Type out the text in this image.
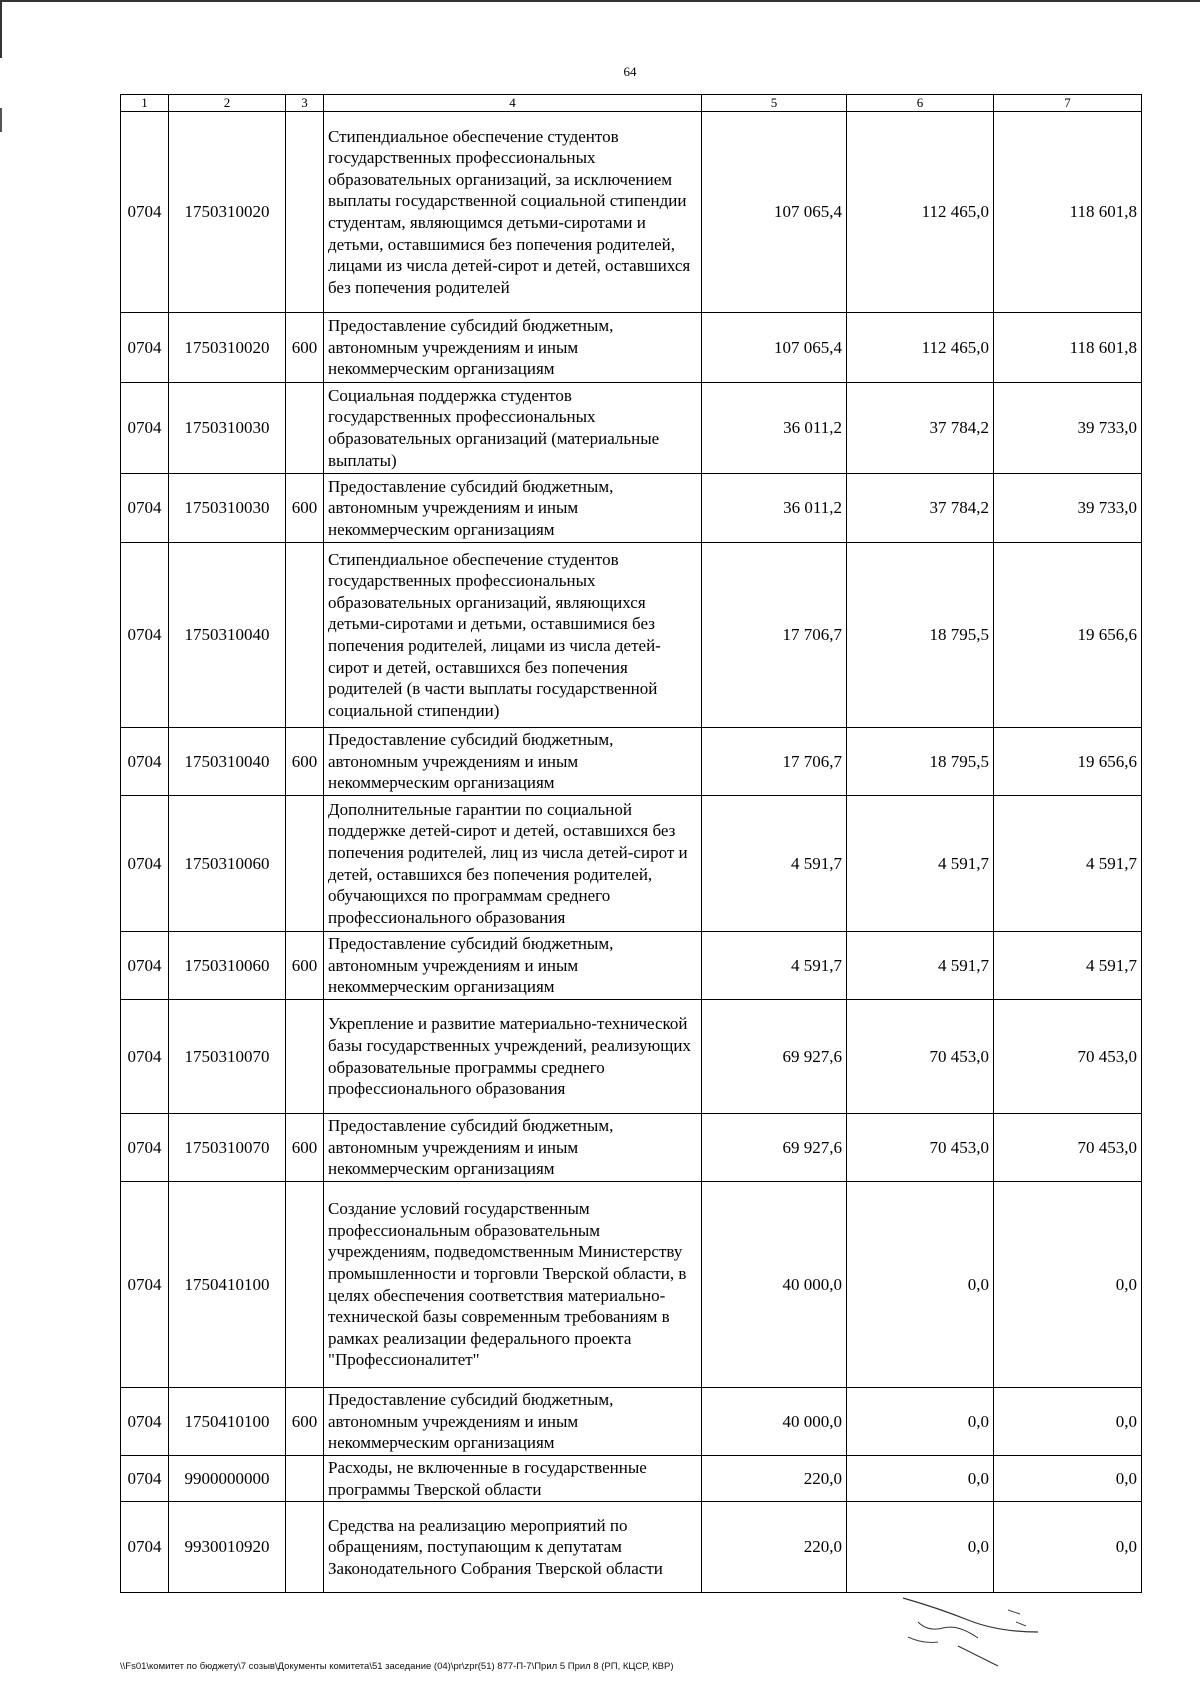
64
1	2	3	4	5	6	7
0704	1750310020		Стипендиальное обеспечение студентов государственных профессиональных образовательных организаций, за исключением выплаты государственной социальной стипендии студентам, являющимся детьми-сиротами и детьми, оставшимися без попечения родителей, лицами из числа детей-сирот и детей, оставшихся без попечения родителей	107 065,4	112 465,0	118 601,8
0704	1750310020	600	Предоставление субсидий бюджетным, автономным учреждениям и иным некоммерческим организациям	107 065,4	112 465,0	118 601,8
0704	1750310030		Социальная поддержка студентов государственных профессиональных образовательных организаций (материальные выплаты)	36 011,2	37 784,2	39 733,0
0704	1750310030	600	Предоставление субсидий бюджетным, автономным учреждениям и иным некоммерческим организациям	36 011,2	37 784,2	39 733,0
0704	1750310040		Стипендиальное обеспечение студентов государственных профессиональных образовательных организаций, являющихся детьми-сиротами и детьми, оставшимися без попечения родителей, лицами из числа детей-сирот и детей, оставшихся без попечения родителей (в части выплаты государственной социальной стипендии)	17 706,7	18 795,5	19 656,6
0704	1750310040	600	Предоставление субсидий бюджетным, автономным учреждениям и иным некоммерческим организациям	17 706,7	18 795,5	19 656,6
0704	1750310060		Дополнительные гарантии по социальной поддержке детей-сирот и детей, оставшихся без попечения родителей, лиц из числа детей-сирот и детей, оставшихся без попечения родителей, обучающихся по программам среднего профессионального образования	4 591,7	4 591,7	4 591,7
0704	1750310060	600	Предоставление субсидий бюджетным, автономным учреждениям и иным некоммерческим организациям	4 591,7	4 591,7	4 591,7
0704	1750310070		Укрепление и развитие материально-технической базы государственных учреждений, реализующих образовательные программы среднего профессионального образования	69 927,6	70 453,0	70 453,0
0704	1750310070	600	Предоставление субсидий бюджетным, автономным учреждениям и иным некоммерческим организациям	69 927,6	70 453,0	70 453,0
0704	1750410100		Создание условий государственным профессиональным образовательным учреждениям, подведомственным Министерству промышленности и торговли Тверской области, в целях обеспечения соответствия материально-технической базы современным требованиям в рамках реализации федерального проекта "Профессионалитет"	40 000,0	0,0	0,0
0704	1750410100	600	Предоставление субсидий бюджетным, автономным учреждениям и иным некоммерческим организациям	40 000,0	0,0	0,0
0704	9900000000		Расходы, не включенные в государственные программы Тверской области	220,0	0,0	0,0
0704	9930010920		Средства на реализацию мероприятий по обращениям, поступающим к депутатам Законодательного Собрания Тверской области	220,0	0,0	0,0
\\Fs01\комитет по бюджету\7 созыв\Документы комитета\51 заседание (04)\pr\zpr(51) 877-П-7\Прил 5 Прил 8 (РП, КЦСР, КВР)
